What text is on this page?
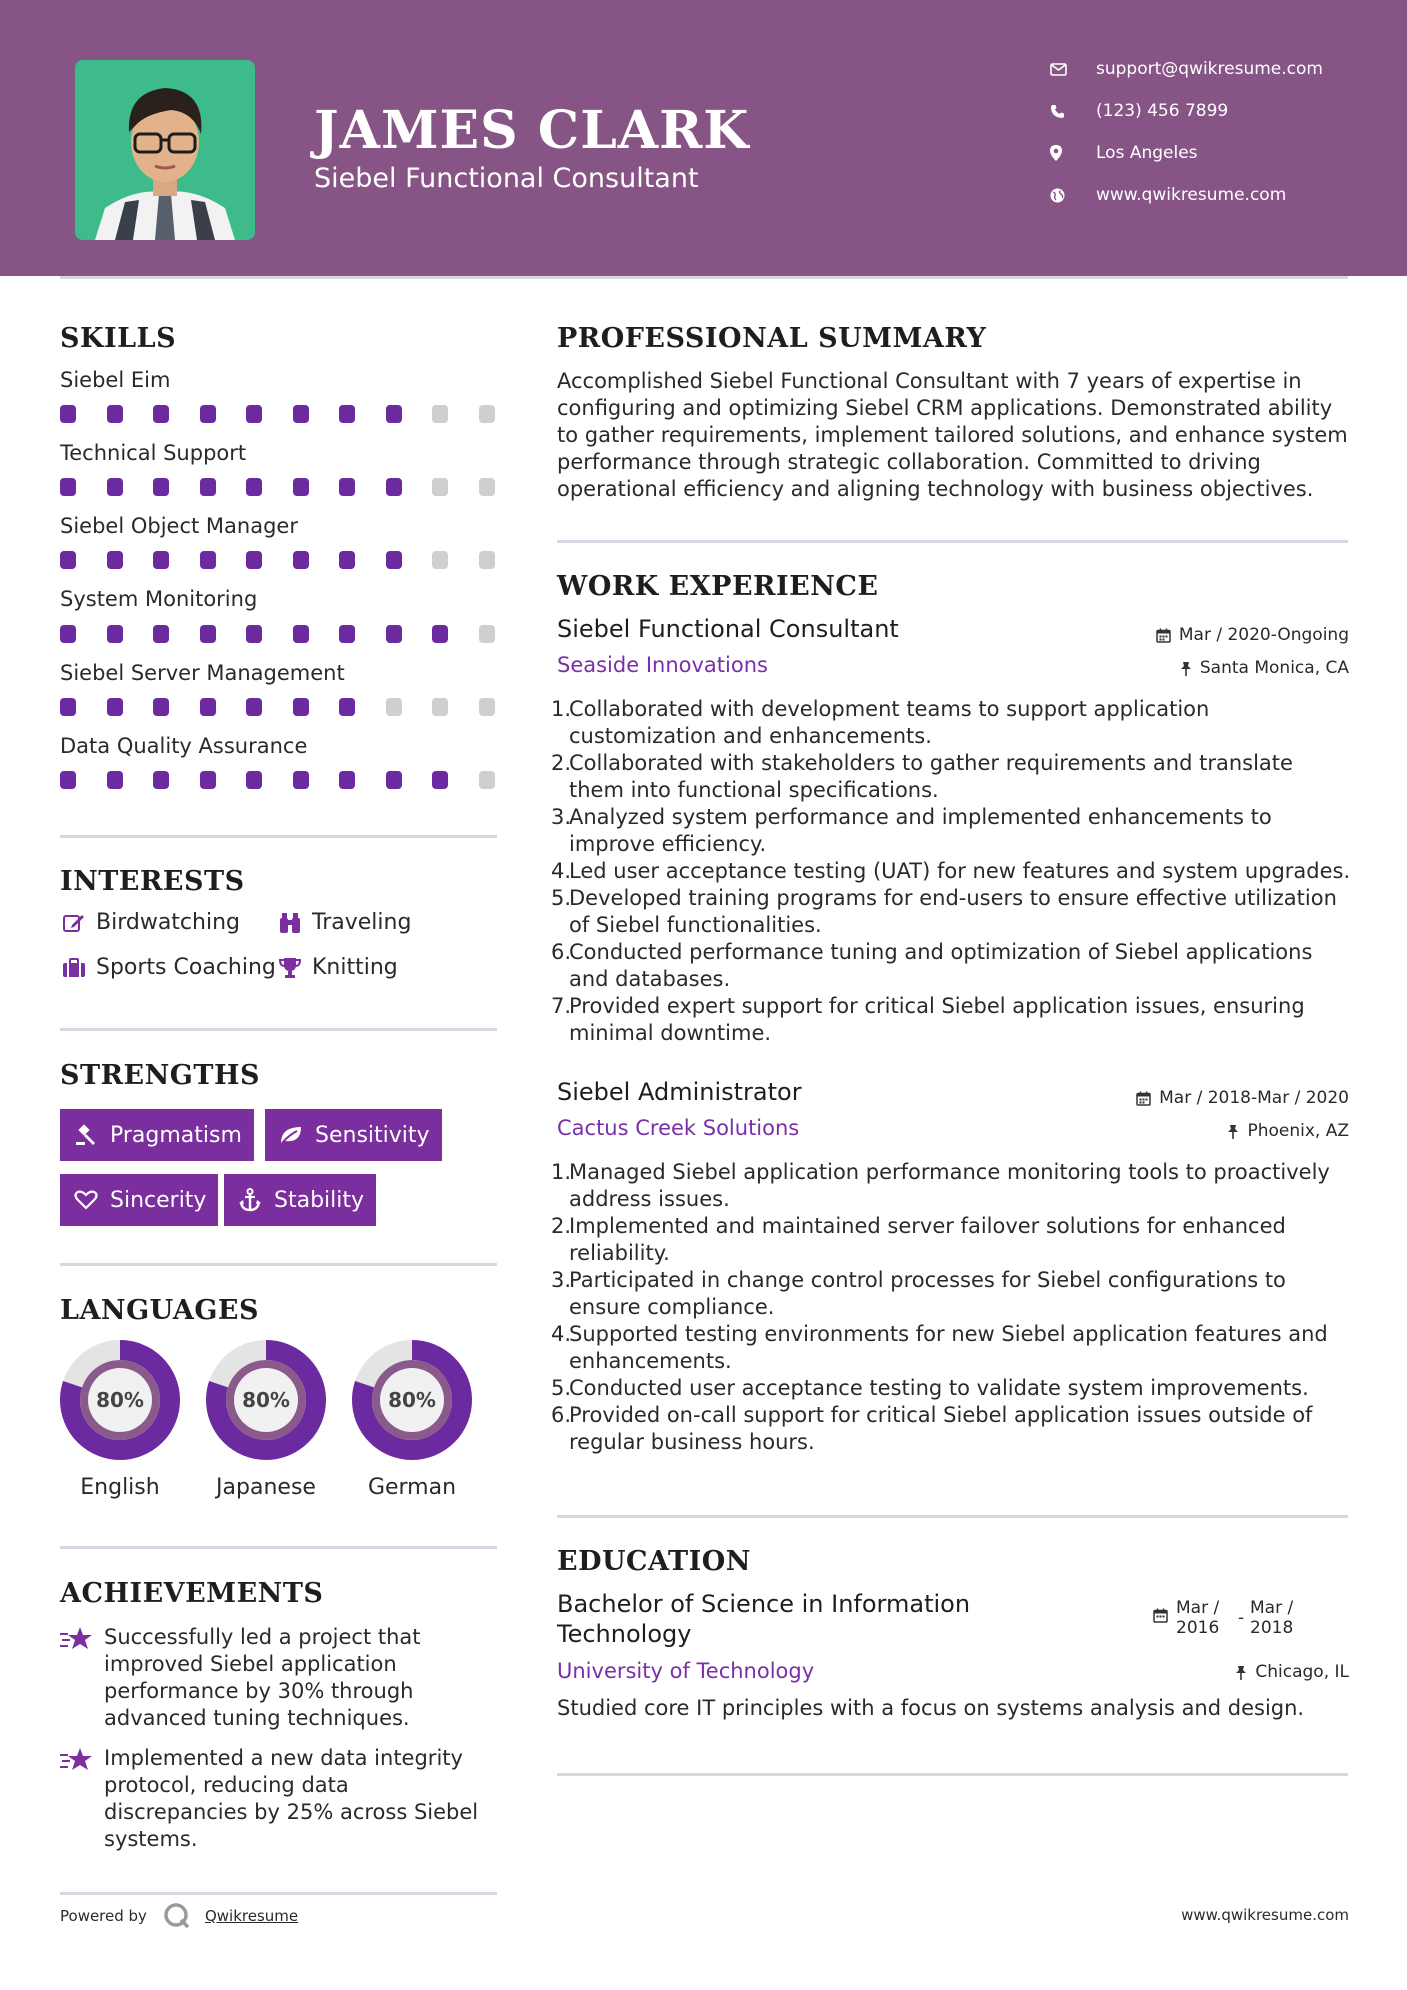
JAMES CLARK
Siebel Functional Consultant
support@qwikresume.com
(123) 456 7899
Los Angeles
www.qwikresume.com
SKILLS
Siebel Eim
Technical Support
Siebel Object Manager
System Monitoring
Siebel Server Management
Data Quality Assurance
INTERESTS
Birdwatching	Traveling
Sports Coaching Knitting
STRENGTHS
Pragmatism	Sensitivity
Sincerity	Stability
LANGUAGES
80%	80%	80%
English	Japanese	German
ACHIEVEMENTS
Successfully led a project that improved Siebel application performance by 30% through advanced tuning techniques.
Implemented a new data integrity protocol, reducing data discrepancies by 25% across Siebel systems.
PROFESSIONAL SUMMARY
Accomplished Siebel Functional Consultant with 7 years of expertise in configuring and optimizing Siebel CRM applications. Demonstrated ability to gather requirements, implement tailored solutions, and enhance system performance through strategic collaboration. Committed to driving operational efficiency and aligning technology with business objectives.
WORK EXPERIENCE
Siebel Functional Consultant	Mar / 2020-Ongoing
Seaside Innovations	Santa Monica, CA
1.
Collaborated with development teams to support application customization and enhancements.
2.
Collaborated with stakeholders to gather requirements and translate them into functional specifications.
3.
Analyzed system performance and implemented enhancements to improve efficiency.
4.
Led user acceptance testing (UAT) for new features and system upgrades.
5.
Developed training programs for end-users to ensure effective utilization of Siebel functionalities.
6.
Conducted performance tuning and optimization of Siebel applications and databases.
7.
Provided expert support for critical Siebel application issues, ensuring minimal downtime.
Siebel Administrator	Mar / 2018-Mar / 2020
Cactus Creek Solutions	Phoenix, AZ
1.
Managed Siebel application performance monitoring tools to proactively address issues.
2.
Implemented and maintained server failover solutions for enhanced reliability.
3.
Participated in change control processes for Siebel configurations to ensure compliance.
4.
Supported testing environments for new Siebel application features and enhancements.
5.
Conducted user acceptance testing to validate system improvements.
6.
Provided on-call support for critical Siebel application issues outside of regular business hours.
EDUCATION
Bachelor of Science in Information
Technology
Mar /
2016	- Mar /
2018
University of Technology	Chicago, IL
Studied core IT principles with a focus on systems analysis and design.
Powered by	Qwikresume	www.qwikresume.com
